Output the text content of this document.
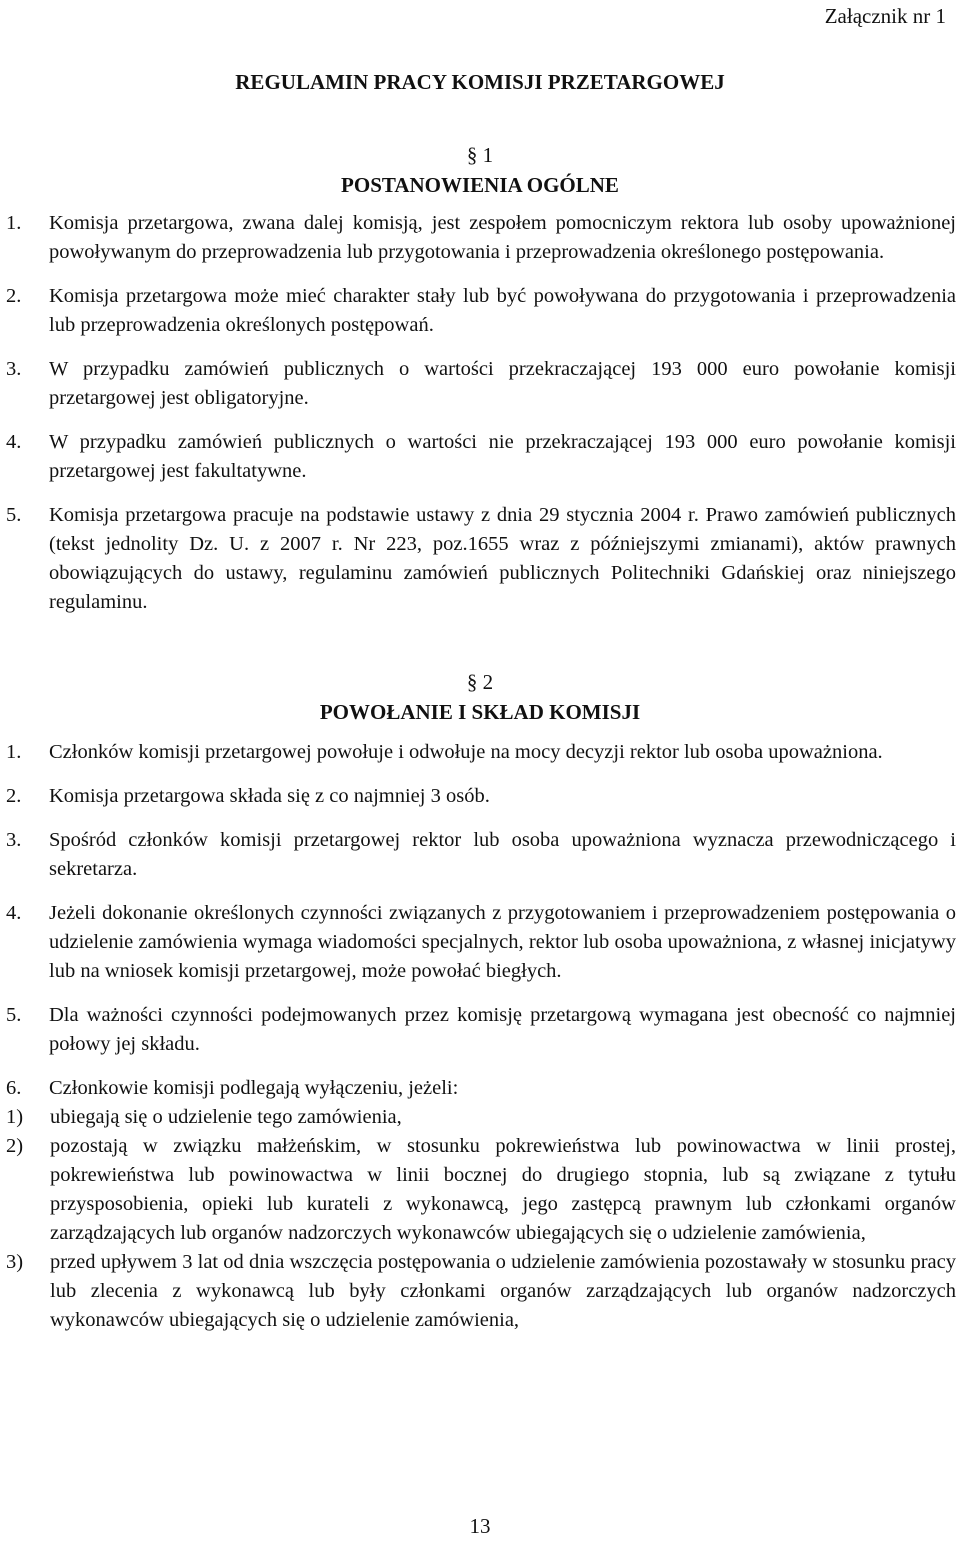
Załącznik nr 1
REGULAMIN PRACY KOMISJI PRZETARGOWEJ
§ 1
POSTANOWIENIA OGÓLNE
1.	Komisja przetargowa, zwana dalej komisją, jest zespołem pomocniczym rektora lub osoby upoważnionej powoływanym do przeprowadzenia lub przygotowania i przeprowadzenia określonego postępowania.
2.	Komisja przetargowa może mieć charakter stały lub być powoływana do przygotowania i przeprowadzenia lub przeprowadzenia określonych postępowań.
3.	W przypadku zamówień publicznych o wartości przekraczającej 193 000 euro powołanie komisji przetargowej jest obligatoryjne.
4.	W przypadku zamówień publicznych o wartości nie przekraczającej 193 000 euro powołanie komisji przetargowej jest fakultatywne.
5.	Komisja przetargowa pracuje na podstawie ustawy z dnia 29 stycznia 2004 r. Prawo zamówień publicznych (tekst jednolity Dz. U. z 2007 r. Nr 223, poz.1655 wraz z późniejszymi zmianami), aktów prawnych obowiązujących do ustawy, regulaminu zamówień publicznych Politechniki Gdańskiej oraz niniejszego regulaminu.
§ 2
POWOŁANIE I SKŁAD KOMISJI
1.	Członków komisji przetargowej powołuje i odwołuje na mocy decyzji rektor lub osoba upoważniona.
2.	Komisja przetargowa składa się z co najmniej 3 osób.
3.	Spośród członków komisji przetargowej rektor lub osoba upoważniona wyznacza przewodniczącego i sekretarza.
4.	Jeżeli dokonanie określonych czynności związanych z przygotowaniem i przeprowadzeniem postępowania o udzielenie zamówienia wymaga wiadomości specjalnych, rektor lub osoba upoważniona, z własnej inicjatywy lub na wniosek komisji przetargowej, może powołać biegłych.
5.	Dla ważności czynności podejmowanych przez komisję przetargową wymagana jest obecność co najmniej połowy jej składu.
6.	Członkowie komisji podlegają wyłączeniu, jeżeli:
1)	ubiegają się o udzielenie tego zamówienia,
2)	pozostają w związku małżeńskim, w stosunku pokrewieństwa lub powinowactwa w linii prostej, pokrewieństwa lub powinowactwa w linii bocznej do drugiego stopnia, lub są związane z tytułu przysposobienia, opieki lub kurateli z wykonawcą, jego zastępcą prawnym lub członkami organów zarządzających lub organów nadzorczych wykonawców ubiegających się o udzielenie zamówienia,
3)	przed upływem 3 lat od dnia wszczęcia postępowania o udzielenie zamówienia pozostawały w stosunku pracy lub zlecenia z wykonawcą lub były członkami organów zarządzających lub organów nadzorczych wykonawców ubiegających się o udzielenie zamówienia,
13
